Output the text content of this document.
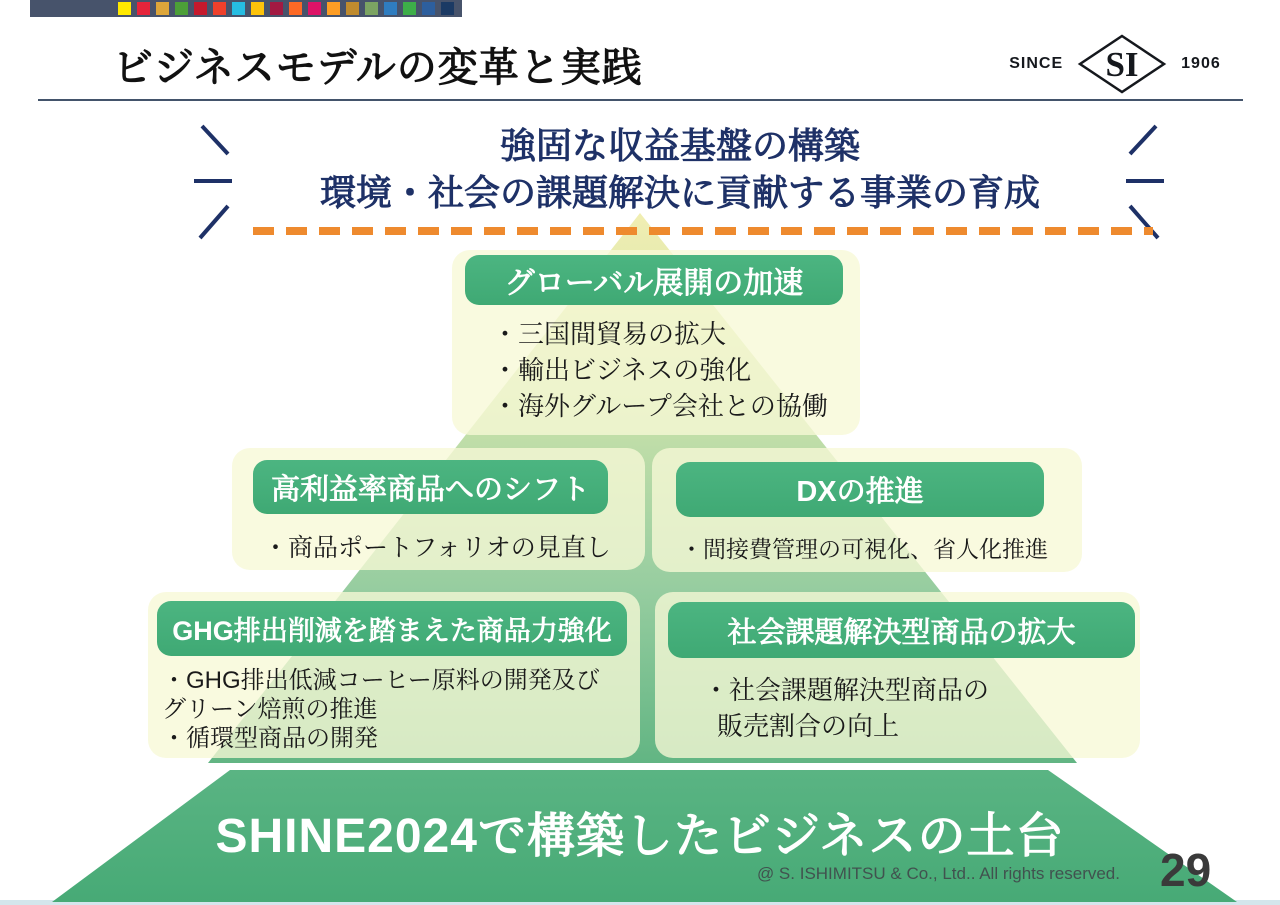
ビジネスモデルの変革と実践	SINCE SI	1906
強固な収益基盤の構築
環境・社会の課題解決に貢献する事業の育成
グローバル展開の加速
高利益率商品へのシフト	DXの推進
GHG排出削減を踏まえた商品力強化	社会課題解決型商品の拡大
・三国間貿易の拡大
・輸出ビジネスの強化
・海外グループ会社との協働
・商品ポートフォリオの見直し	・間接費管理の可視化、省人化推進
・GHG排出低減コーヒー原料の開発及び
グリーン焙煎の推進
・循環型商品の開発
・社会課題解決型商品の
販売割合の向上
SHINE2024で構築したビジネスの土台
@ S. ISHIMITSU & Co., Ltd.. All rights reserved. 29
